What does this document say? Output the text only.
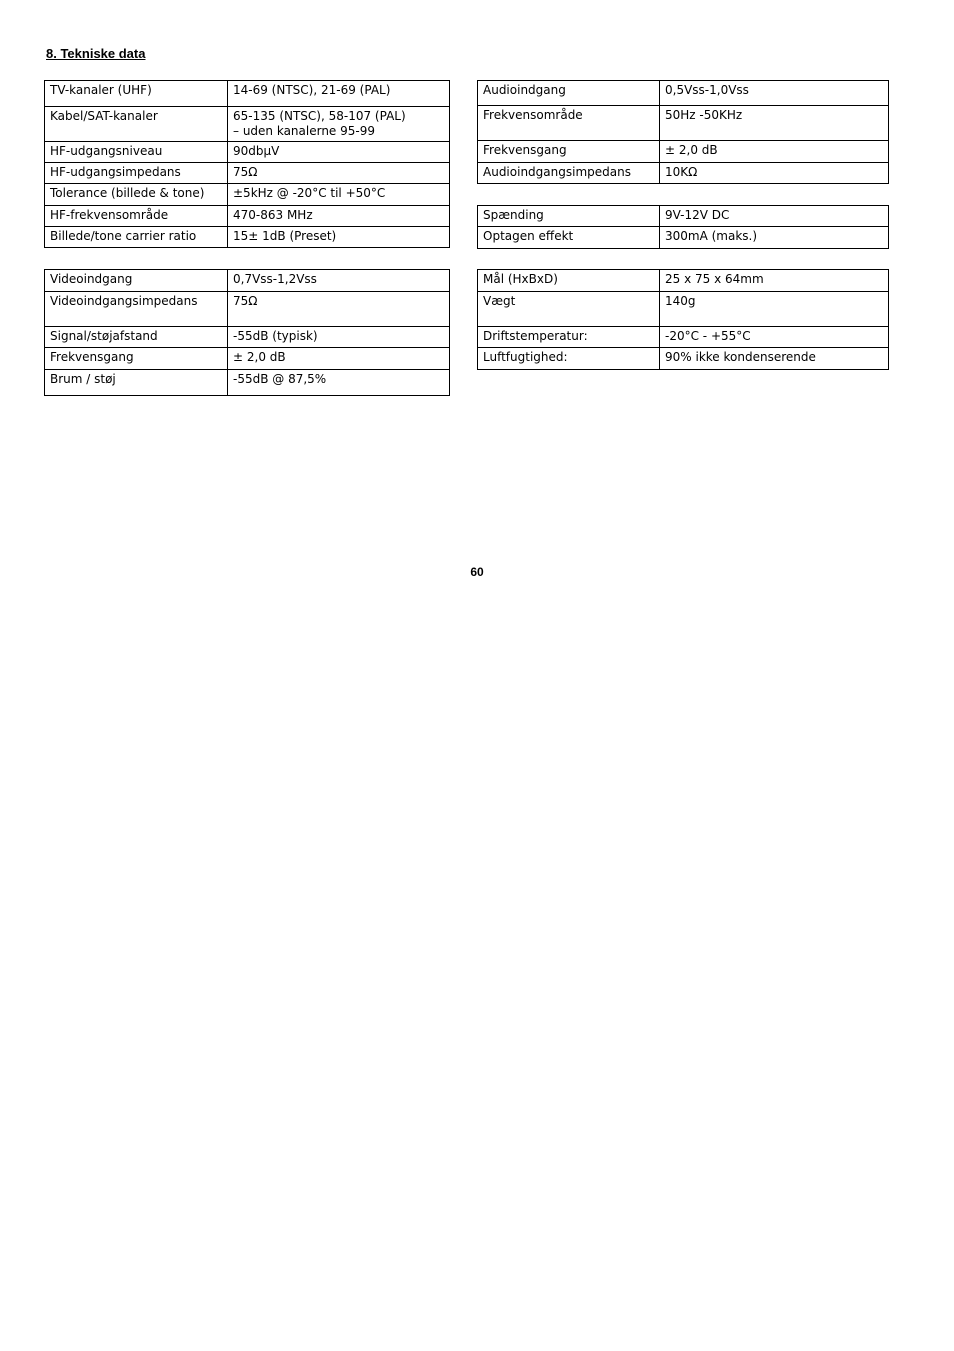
8. Tekniske data
TV-kanaler (UHF)	14-69 (NTSC), 21-69 (PAL)
Kabel/SAT-kanaler	65-135 (NTSC), 58-107 (PAL)
– uden kanalerne 95-99
HF-udgangsniveau	90dbµV
HF-udgangsimpedans	75Ω
Tolerance (billede & tone)	±5kHz @ -20°C til +50°C
HF-frekvensområde	470-863 MHz
Billede/tone carrier ratio	15± 1dB (Preset)
Videoindgang	0,7Vss-1,2Vss
Videoindgangsimpedans	75Ω
Signal/støjafstand	-55dB (typisk)
Frekvensgang	± 2,0 dB
Brum / støj	-55dB @ 87,5%
Audioindgang	0,5Vss-1,0Vss
Frekvensområde	50Hz -50KHz
Frekvensgang	± 2,0 dB
Audioindgangsimpedans	10KΩ
Spænding	9V-12V DC
Optagen effekt	300mA (maks.)
Mål (HxBxD)	25 x 75 x 64mm
Vægt	140g
Driftstemperatur:	-20°C - +55°C
Luftfugtighed:	90% ikke kondenserende
60
